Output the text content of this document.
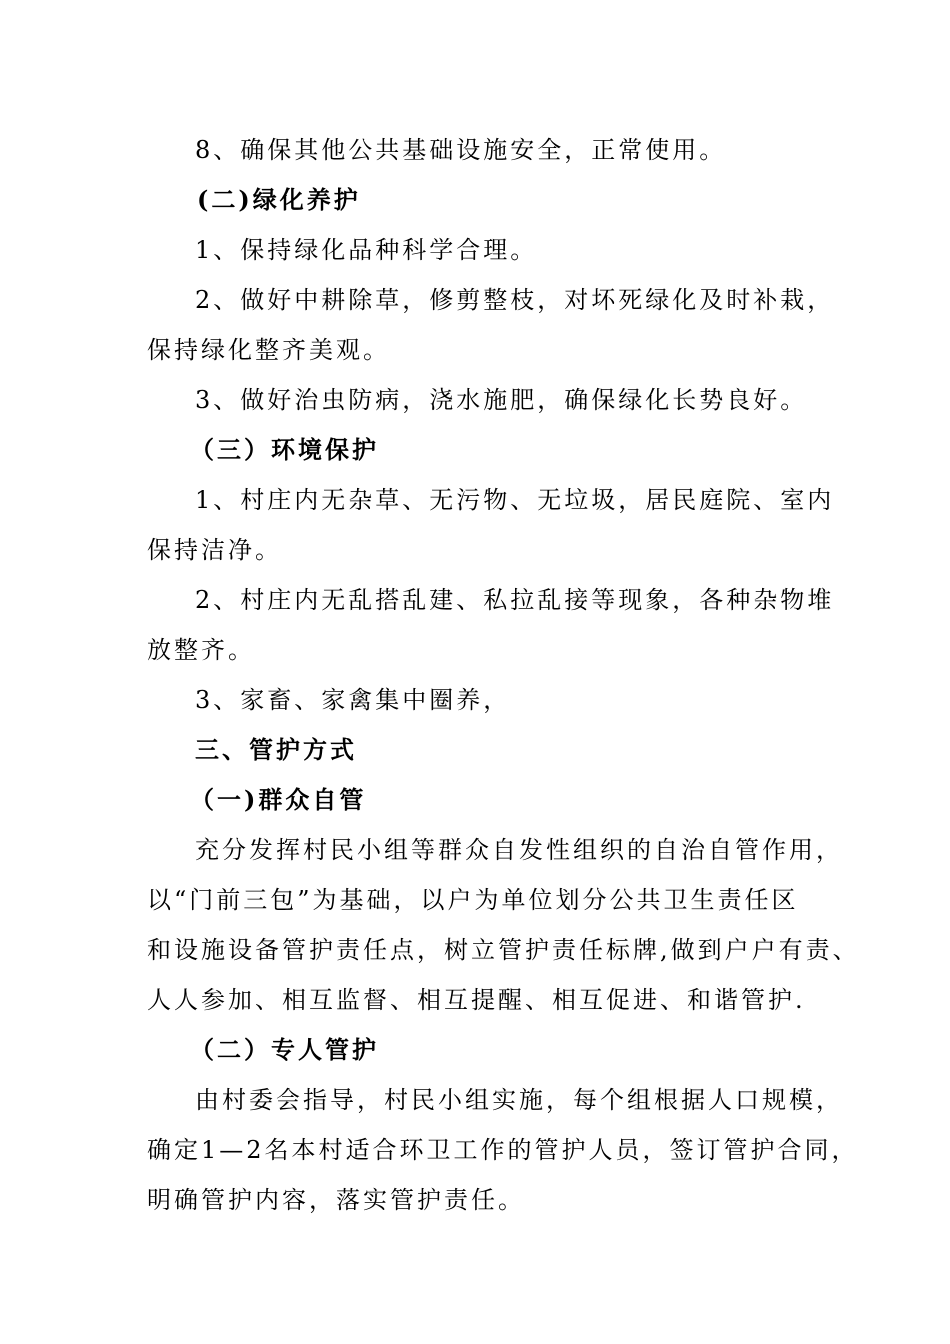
8、确保其他公共基础设施安全，正常使用。

(二)绿化养护

1、保持绿化品种科学合理。

2、做好中耕除草，修剪整枝，对坏死绿化及时补栽，

保持绿化整齐美观。

3、做好治虫防病，浇水施肥，确保绿化长势良好。

（三）环境保护

1、村庄内无杂草、无污物、无垃圾，居民庭院、室内

保持洁净。

2、村庄内无乱搭乱建、私拉乱接等现象，各种杂物堆

放整齐。

3、家畜、家禽集中圈养，

三、管护方式

（一)群众自管

充分发挥村民小组等群众自发性组织的自治自管作用，

以“门前三包”为基础，以户为单位划分公共卫生责任区

和设施设备管护责任点，树立管护责任标牌,做到户户有责、

人人参加、相互监督、相互提醒、相互促进、和谐管护.

（二）专人管护

由村委会指导，村民小组实施，每个组根据人口规模，

确定1—2名本村适合环卫工作的管护人员，签订管护合同，

明确管护内容，落实管护责任。
